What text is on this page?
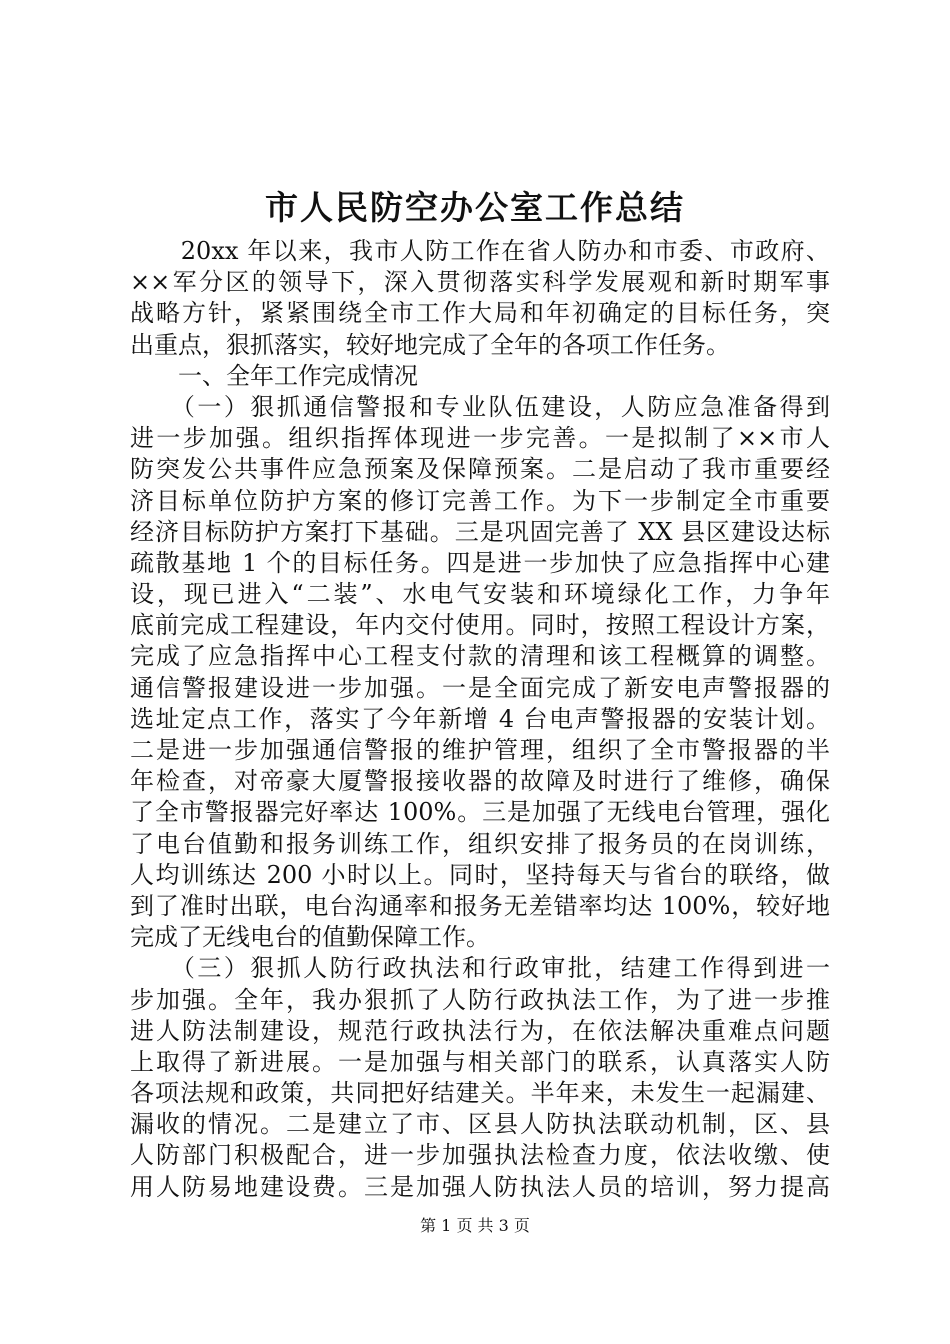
市人民防空办公室工作总结
　　20xx 年以来，我市人防工作在省人防办和市委、市政府、
××军分区的领导下，深入贯彻落实科学发展观和新时期军事
战略方针，紧紧围绕全市工作大局和年初确定的目标任务，突
出重点，狠抓落实，较好地完成了全年的各项工作任务。
　　一、全年工作完成情况
　　（一）狠抓通信警报和专业队伍建设，人防应急准备得到
进一步加强。组织指挥体现进一步完善。一是拟制了××市人
防突发公共事件应急预案及保障预案。二是启动了我市重要经
济目标单位防护方案的修订完善工作。为下一步制定全市重要
经济目标防护方案打下基础。三是巩固完善了 XX 县区建设达标
疏散基地 1 个的目标任务。四是进一步加快了应急指挥中心建
设，现已进入“二装”、水电气安装和环境绿化工作，力争年
底前完成工程建设，年内交付使用。同时，按照工程设计方案，
完成了应急指挥中心工程支付款的清理和该工程概算的调整。
通信警报建设进一步加强。一是全面完成了新安电声警报器的
选址定点工作，落实了今年新增 4 台电声警报器的安装计划。
二是进一步加强通信警报的维护管理，组织了全市警报器的半
年检查，对帝豪大厦警报接收器的故障及时进行了维修，确保
了全市警报器完好率达 100%。三是加强了无线电台管理，强化
了电台值勤和报务训练工作，组织安排了报务员的在岗训练，
人均训练达 200 小时以上。同时，坚持每天与省台的联络，做
到了准时出联，电台沟通率和报务无差错率均达 100%，较好地
完成了无线电台的值勤保障工作。
　　（三）狠抓人防行政执法和行政审批，结建工作得到进一
步加强。全年，我办狠抓了人防行政执法工作，为了进一步推
进人防法制建设，规范行政执法行为，在依法解决重难点问题
上取得了新进展。一是加强与相关部门的联系，认真落实人防
各项法规和政策，共同把好结建关。半年来，未发生一起漏建、
漏收的情况。二是建立了市、区县人防执法联动机制，区、县
人防部门积极配合，进一步加强执法检查力度，依法收缴、使
用人防易地建设费。三是加强人防执法人员的培训，努力提高
第 1 页 共 3 页
